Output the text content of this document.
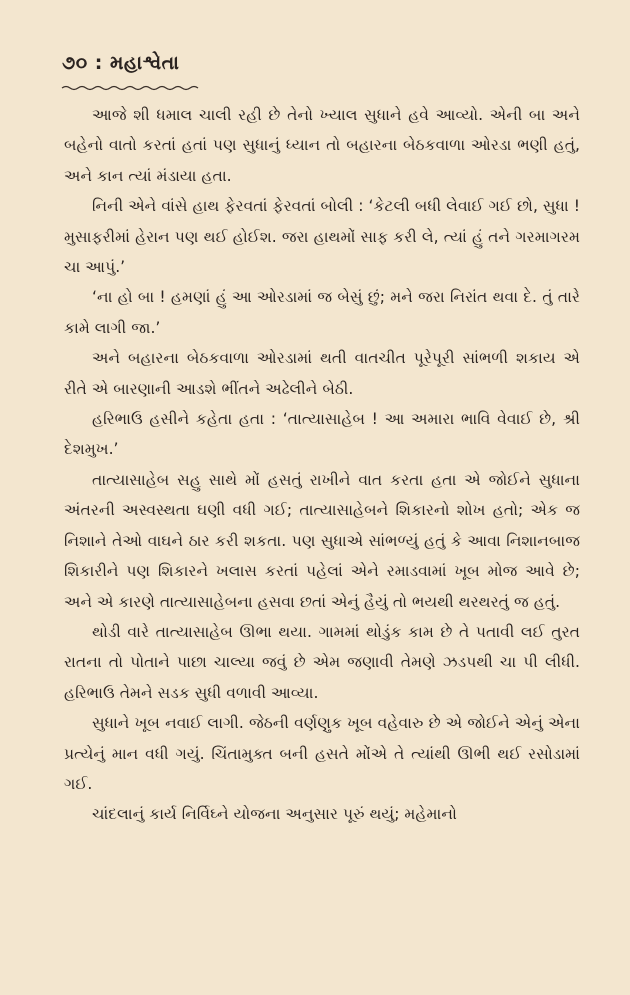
૭૦ : મહાશ્વેતા

આજે શી ધમાલ ચાલી રહી છે તેનો ખ્યાલ સુધાને હવે આવ્યો. એની બા અને બહેનો વાતો કરતાં હતાં પણ સુધાનું ધ્યાન તો બહારના બેઠકવાળા ઓરડા ભણી હતું, અને કાન ત્યાં મંડાયા હતા.

નિની એને વાંસે હાથ ફેરવતાં ફેરવતાં બોલી : ‘કેટલી બધી લેવાઈ ગઈ છો, સુધા ! મુસાફરીમાં હેરાન પણ થઈ હોઈશ. જરા હાથમોં સાફ કરી લે, ત્યાં હું તને ગરમાગરમ ચા આપું.’

‘ના હો બા ! હમણાં હું આ ઓરડામાં જ બેસું છું; મને જરા નિરાંત થવા દે. તું તારે કામે લાગી જા.’

અને બહારના બેઠકવાળા ઓરડામાં થતી વાતચીત પૂરેપૂરી સાંભળી શકાય એ રીતે એ બારણાની આડશે ભીંતને અઢેલીને બેઠી.

હરિભાઉ હસીને કહેતા હતા : ‘તાત્યાસાહેબ ! આ અમારા ભાવિ વેવાઈ છે, શ્રી દેશમુખ.’

તાત્યાસાહેબ સહુ સાથે મોં હસતું રાખીને વાત કરતા હતા એ જોઈને સુધાના અંતરની અસ્વસ્થતા ઘણી વધી ગઈ; તાત્યાસાહેબને શિકારનો શોખ હતો; એક જ નિશાને તેઓ વાઘને ઠાર કરી શકતા. પણ સુધાએ સાંભળ્યું હતું કે આવા નિશાનબાજ શિકારીને પણ શિકારને ખલાસ કરતાં પહેલાં એને રમાડવામાં ખૂબ મોજ આવે છે; અને એ કારણે તાત્યાસાહેબના હસવા છતાં એનું હૈયું તો ભયથી થરથરતું જ હતું.

થોડી વારે તાત્યાસાહેબ ઊભા થયા. ગામમાં થોડુંક કામ છે તે પતાવી લઈ તુરત રાતના તો પોતાને પાછા ચાલ્યા જવું છે એમ જણાવી તેમણે ઝડપથી ચા પી લીધી. હરિભાઉ તેમને સડક સુધી વળાવી આવ્યા.

સુધાને ખૂબ નવાઈ લાગી. જેઠની વર્ણણુક ખૂબ વહેવારુ છે એ જોઈને એનું એના પ્રત્યેનું માન વધી ગયું. ચિંતામુક્ત બની હસતે મોંએ તે ત્યાંથી ઊભી થઈ રસોડામાં ગઈ.

ચાંદલાનું કાર્ય નિર્વિઘ્ને યોજના અનુસાર પૂરું થયું; મહેમાનો
